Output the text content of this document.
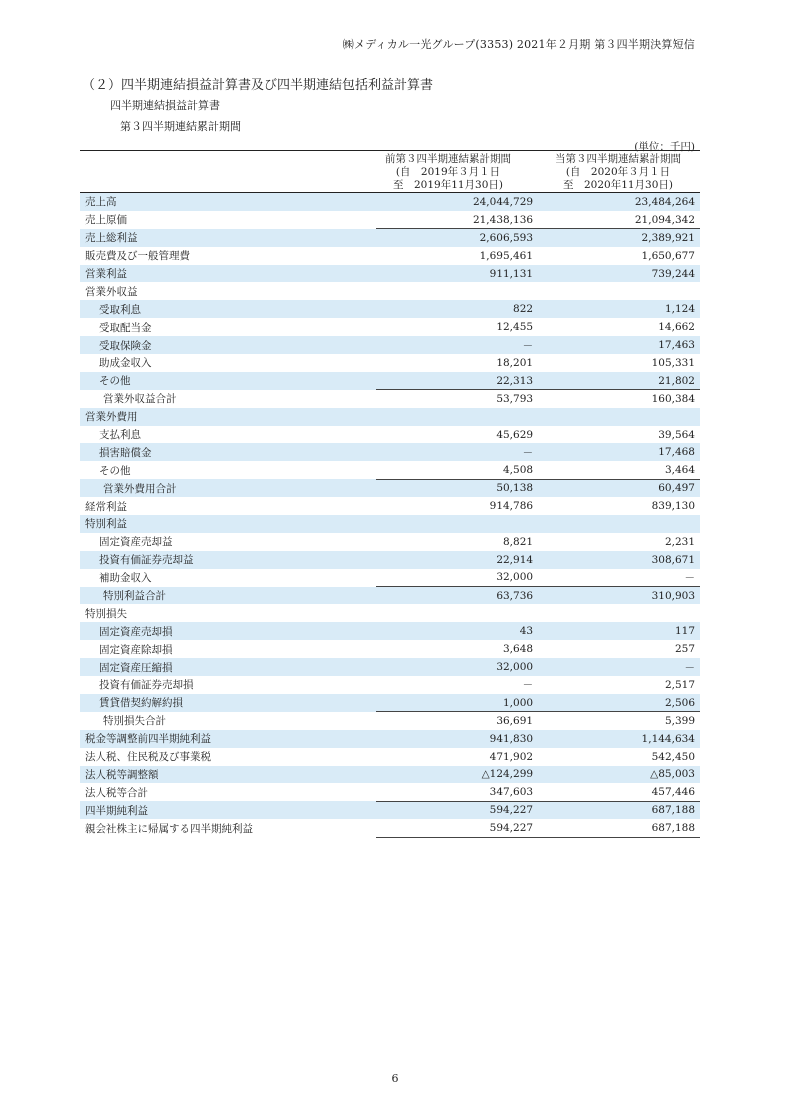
㈱メディカル一光グループ(3353) 2021年２月期 第３四半期決算短信
（２）四半期連結損益計算書及び四半期連結包括利益計算書
四半期連結損益計算書
第３四半期連結累計期間
(単位：千円)
前第３四半期連結累計期間
(自　2019年３月１日
至　2019年11月30日)
当第３四半期連結累計期間
(自　2020年３月１日
至　2020年11月30日)
売上高	24,044,729	23,484,264
売上原価	21,438,136	21,094,342
売上総利益	2,606,593	2,389,921
販売費及び一般管理費	1,695,461	1,650,677
営業利益	911,131	739,244
営業外収益		
受取利息	822	1,124
受取配当金	12,455	14,662
受取保険金	－	17,463
助成金収入	18,201	105,331
その他	22,313	21,802
営業外収益合計	53,793	160,384
営業外費用		
支払利息	45,629	39,564
損害賠償金	－	17,468
その他	4,508	3,464
営業外費用合計	50,138	60,497
経常利益	914,786	839,130
特別利益		
固定資産売却益	8,821	2,231
投資有価証券売却益	22,914	308,671
補助金収入	32,000	－
特別利益合計	63,736	310,903
特別損失		
固定資産売却損	43	117
固定資産除却損	3,648	257
固定資産圧縮損	32,000	－
投資有価証券売却損	－	2,517
賃貸借契約解約損	1,000	2,506
特別損失合計	36,691	5,399
税金等調整前四半期純利益	941,830	1,144,634
法人税、住民税及び事業税	471,902	542,450
法人税等調整額	△124,299	△85,003
法人税等合計	347,603	457,446
四半期純利益	594,227	687,188
親会社株主に帰属する四半期純利益	594,227	687,188
6
